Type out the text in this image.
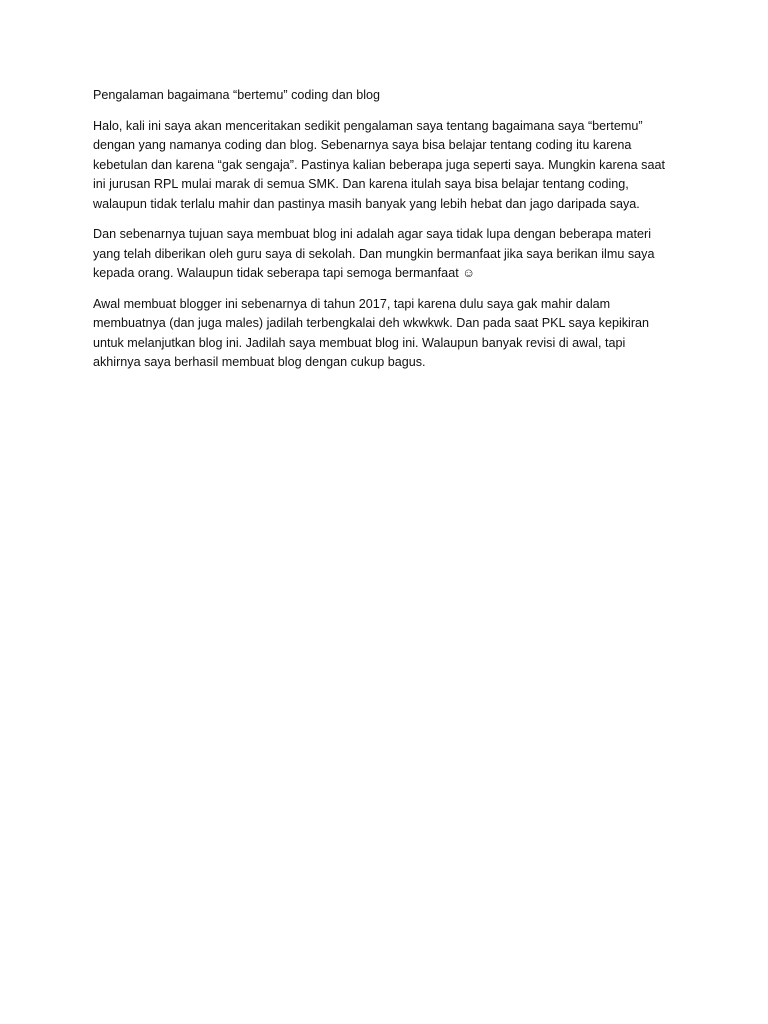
Pengalaman bagaimana “bertemu” coding dan blog

Halo, kali ini saya akan menceritakan sedikit pengalaman saya tentang bagaimana saya “bertemu” dengan yang namanya coding dan blog. Sebenarnya saya bisa belajar tentang coding itu karena kebetulan dan karena “gak sengaja”. Pastinya kalian beberapa juga seperti saya. Mungkin karena saat ini jurusan RPL mulai marak di semua SMK. Dan karena itulah saya bisa belajar tentang coding, walaupun tidak terlalu mahir dan pastinya masih banyak yang lebih hebat dan jago daripada saya.

Dan sebenarnya tujuan saya membuat blog ini adalah agar saya tidak lupa dengan beberapa materi yang telah diberikan oleh guru saya di sekolah. Dan mungkin bermanfaat jika saya berikan ilmu saya kepada orang. Walaupun tidak seberapa tapi semoga bermanfaat ☺

Awal membuat blogger ini sebenarnya di tahun 2017, tapi karena dulu saya gak mahir dalam membuatnya (dan juga males) jadilah terbengkalai deh wkwkwk. Dan pada saat PKL saya kepikiran untuk melanjutkan blog ini. Jadilah saya membuat blog ini. Walaupun banyak revisi di awal, tapi akhirnya saya berhasil membuat blog dengan cukup bagus.
